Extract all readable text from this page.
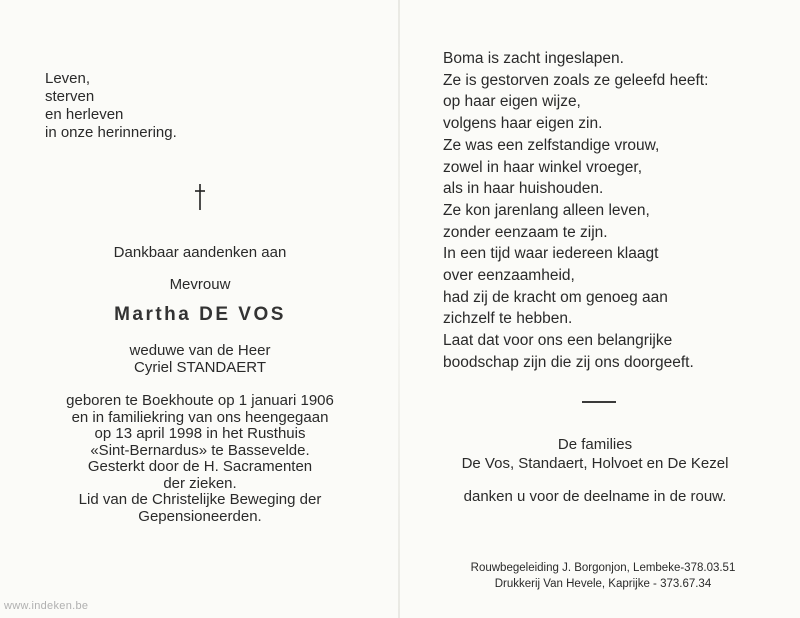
Leven,
sterven
en herleven
in onze herinnering.
Dankbaar aandenken aan
Mevrouw
Martha DE VOS
weduwe van de Heer
Cyriel STANDAERT
geboren te Boekhoute op 1 januari 1906
en in familiekring van ons heengegaan
op 13 april 1998 in het Rusthuis
«Sint-Bernardus» te Bassevelde.
Gesterkt door de H. Sacramenten
der zieken.
Lid van de Christelijke Beweging der
Gepensioneerden.
www.indeken.be
Boma is zacht ingeslapen.
Ze is gestorven zoals ze geleefd heeft:
op haar eigen wijze,
volgens haar eigen zin.
Ze was een zelfstandige vrouw,
zowel in haar winkel vroeger,
als in haar huishouden.
Ze kon jarenlang alleen leven,
zonder eenzaam te zijn.
In een tijd waar iedereen klaagt
over eenzaamheid,
had zij de kracht om genoeg aan
zichzelf te hebben.
Laat dat voor ons een belangrijke
boodschap zijn die zij ons doorgeeft.
De families
De Vos, Standaert, Holvoet en De Kezel
danken u voor de deelname in de rouw.
Rouwbegeleiding J. Borgonjon, Lembeke-378.03.51
Drukkerij Van Hevele, Kaprijke - 373.67.34
